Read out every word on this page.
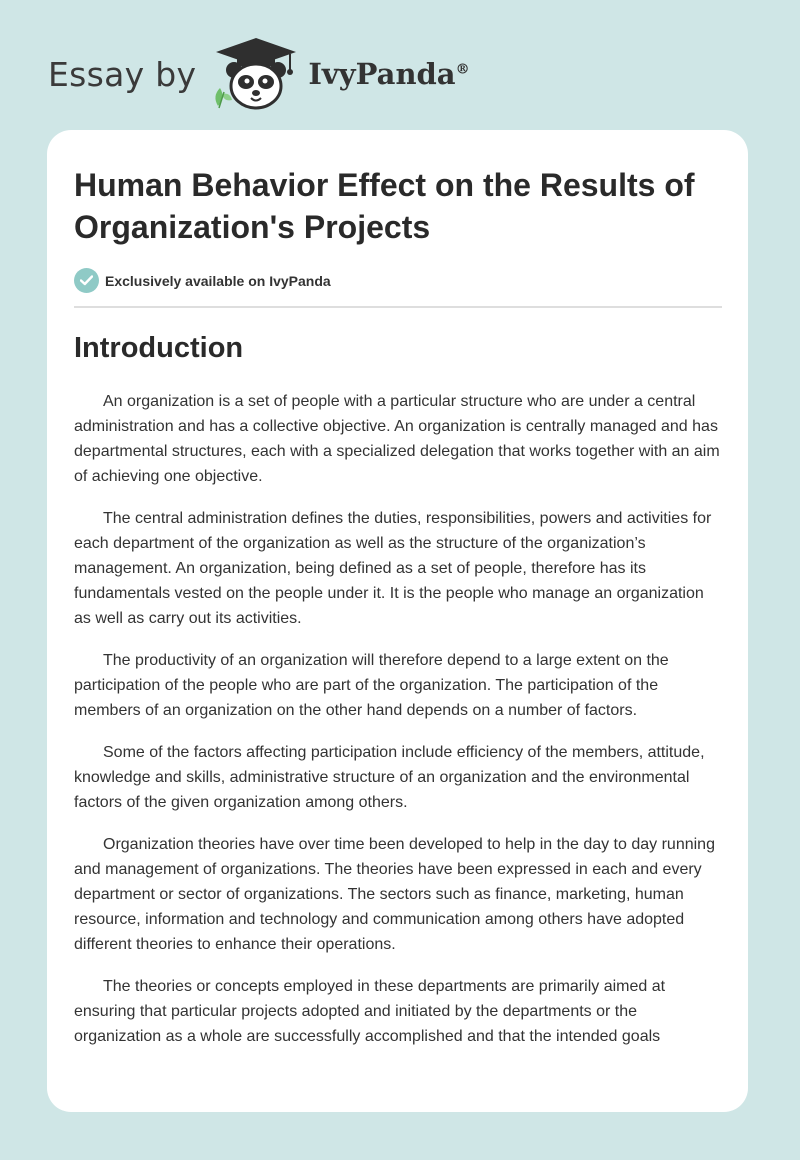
Essay by	IvyPanda®
Human Behavior Effect on the Results of Organization's Projects
Exclusively available on IvyPanda
Introduction

An organization is a set of people with a particular structure who are under a central administration and has a collective objective. An organization is centrally managed and has departmental structures, each with a specialized delegation that works together with an aim of achieving one objective.

The central administration defines the duties, responsibilities, powers and activities for each department of the organization as well as the structure of the organization’s management. An organization, being defined as a set of people, therefore has its fundamentals vested on the people under it. It is the people who manage an organization as well as carry out its activities.

The productivity of an organization will therefore depend to a large extent on the participation of the people who are part of the organization. The participation of the members of an organization on the other hand depends on a number of factors.

Some of the factors affecting participation include efficiency of the members, attitude, knowledge and skills, administrative structure of an organization and the environmental factors of the given organization among others.

Organization theories have over time been developed to help in the day to day running and management of organizations. The theories have been expressed in each and every department or sector of organizations. The sectors such as finance, marketing, human resource, information and technology and communication among others have adopted different theories to enhance their operations.

The theories or concepts employed in these departments are primarily aimed at ensuring that particular projects adopted and initiated by the departments or the organization as a whole are successfully accomplished and that the intended goals
